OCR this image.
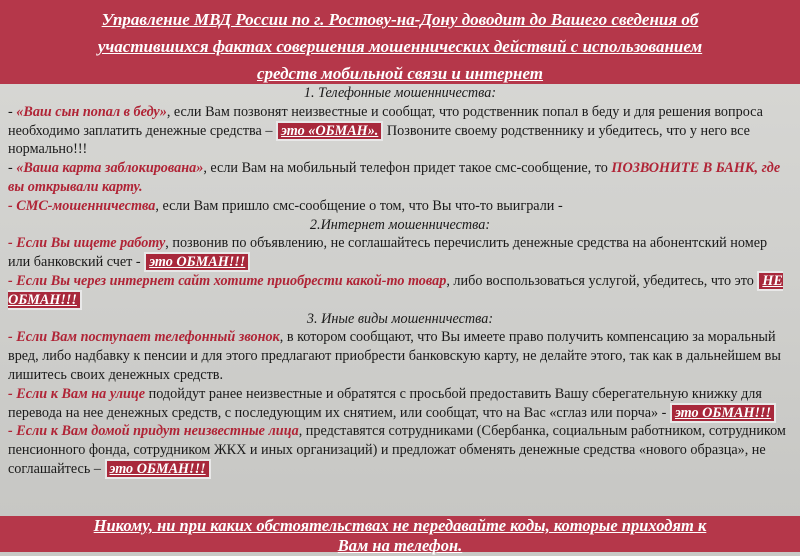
Управление МВД России по г. Ростову-на-Дону доводит до Вашего сведения об
участившихся фактах совершения мошеннических действий с использованием
средств мобильной связи и интернет

1. Телефонные мошенничества:

- «Ваш сын попал в беду», если Вам позвонят неизвестные и сообщат, что родственник попал в беду и для решения вопроса необходимо заплатить денежные средства – это «ОБМАН». Позвоните своему родственнику и убедитесь, что у него все нормально!!!

- «Ваша карта заблокирована», если Вам на мобильный телефон придет такое смс-сообщение, то ПОЗВОНИТЕ В БАНК, где вы открывали карту.

- СМС-мошенничества, если Вам пришло смс-сообщение о том, что Вы что-то выиграли -

2.Интернет мошенничества:

- Если Вы ищете работу, позвонив по объявлению, не соглашайтесь перечислить денежные средства на абонентский номер или банковский счет - это ОБМАН!!!

- Если Вы через интернет сайт хотите приобрести какой-то товар, либо воспользоваться услугой, убедитесь, что это НЕ ОБМАН!!!

3. Иные виды мошенничества:

- Если Вам поступает телефонный звонок, в котором сообщают, что Вы имеете право получить компенсацию за моральный вред, либо надбавку к пенсии и для этого предлагают приобрести банковскую карту, не делайте этого, так как в дальнейшем вы лишитесь своих денежных средств.

- Если к Вам на улице подойдут ранее неизвестные и обратятся с просьбой предоставить Вашу сберегательную книжку для перевода на нее денежных средств, с последующим их снятием, или сообщат, что на Вас «сглаз или порча» - это ОБМАН!!!

- Если к Вам домой придут неизвестные лица, представятся сотрудниками (Сбербанка, социальным работником, сотрудником пенсионного фонда, сотрудником ЖКХ и иных организаций) и предложат обменять денежные средства «нового образца», не соглашайтесь – это ОБМАН!!!

Никому, ни при каких обстоятельствах не передавайте коды, которые приходят к
Вам на телефон.
